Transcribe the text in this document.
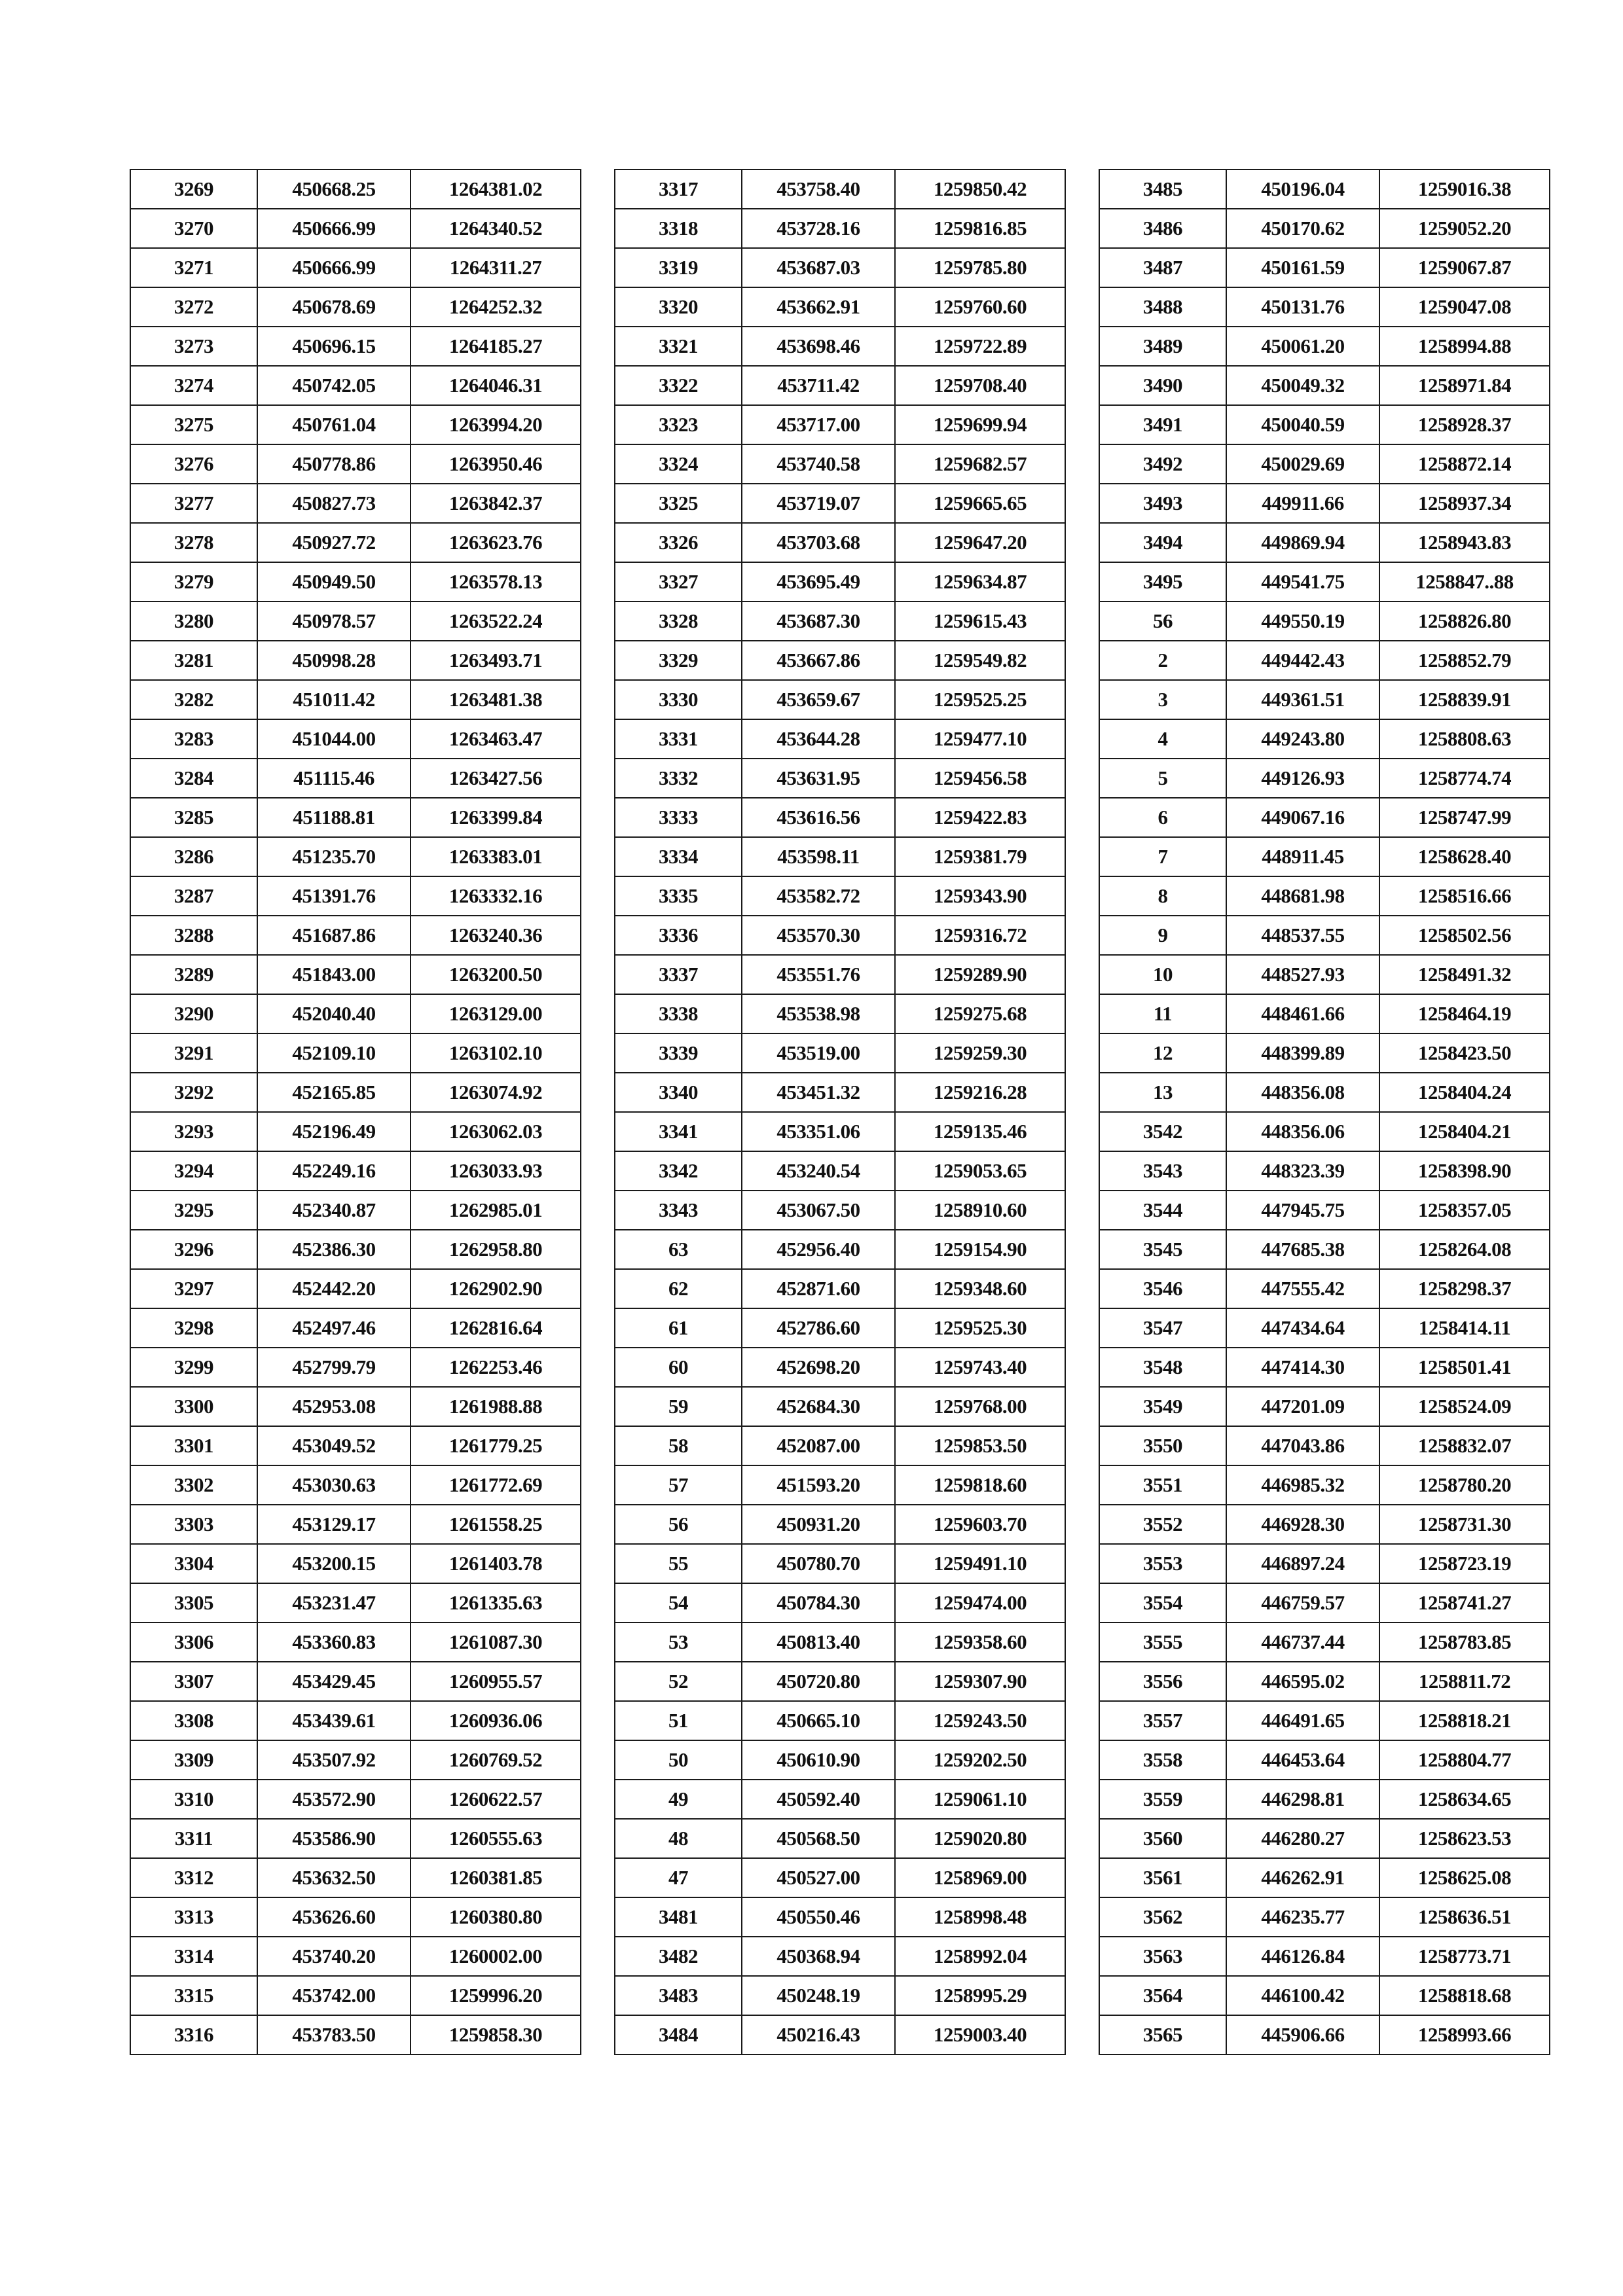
3269	450668.25	1264381.02
3270	450666.99	1264340.52
3271	450666.99	1264311.27
3272	450678.69	1264252.32
3273	450696.15	1264185.27
3274	450742.05	1264046.31
3275	450761.04	1263994.20
3276	450778.86	1263950.46
3277	450827.73	1263842.37
3278	450927.72	1263623.76
3279	450949.50	1263578.13
3280	450978.57	1263522.24
3281	450998.28	1263493.71
3282	451011.42	1263481.38
3283	451044.00	1263463.47
3284	451115.46	1263427.56
3285	451188.81	1263399.84
3286	451235.70	1263383.01
3287	451391.76	1263332.16
3288	451687.86	1263240.36
3289	451843.00	1263200.50
3290	452040.40	1263129.00
3291	452109.10	1263102.10
3292	452165.85	1263074.92
3293	452196.49	1263062.03
3294	452249.16	1263033.93
3295	452340.87	1262985.01
3296	452386.30	1262958.80
3297	452442.20	1262902.90
3298	452497.46	1262816.64
3299	452799.79	1262253.46
3300	452953.08	1261988.88
3301	453049.52	1261779.25
3302	453030.63	1261772.69
3303	453129.17	1261558.25
3304	453200.15	1261403.78
3305	453231.47	1261335.63
3306	453360.83	1261087.30
3307	453429.45	1260955.57
3308	453439.61	1260936.06
3309	453507.92	1260769.52
3310	453572.90	1260622.57
3311	453586.90	1260555.63
3312	453632.50	1260381.85
3313	453626.60	1260380.80
3314	453740.20	1260002.00
3315	453742.00	1259996.20
3316	453783.50	1259858.30
3317	453758.40	1259850.42
3318	453728.16	1259816.85
3319	453687.03	1259785.80
3320	453662.91	1259760.60
3321	453698.46	1259722.89
3322	453711.42	1259708.40
3323	453717.00	1259699.94
3324	453740.58	1259682.57
3325	453719.07	1259665.65
3326	453703.68	1259647.20
3327	453695.49	1259634.87
3328	453687.30	1259615.43
3329	453667.86	1259549.82
3330	453659.67	1259525.25
3331	453644.28	1259477.10
3332	453631.95	1259456.58
3333	453616.56	1259422.83
3334	453598.11	1259381.79
3335	453582.72	1259343.90
3336	453570.30	1259316.72
3337	453551.76	1259289.90
3338	453538.98	1259275.68
3339	453519.00	1259259.30
3340	453451.32	1259216.28
3341	453351.06	1259135.46
3342	453240.54	1259053.65
3343	453067.50	1258910.60
63	452956.40	1259154.90
62	452871.60	1259348.60
61	452786.60	1259525.30
60	452698.20	1259743.40
59	452684.30	1259768.00
58	452087.00	1259853.50
57	451593.20	1259818.60
56	450931.20	1259603.70
55	450780.70	1259491.10
54	450784.30	1259474.00
53	450813.40	1259358.60
52	450720.80	1259307.90
51	450665.10	1259243.50
50	450610.90	1259202.50
49	450592.40	1259061.10
48	450568.50	1259020.80
47	450527.00	1258969.00
3481	450550.46	1258998.48
3482	450368.94	1258992.04
3483	450248.19	1258995.29
3484	450216.43	1259003.40
3485	450196.04	1259016.38
3486	450170.62	1259052.20
3487	450161.59	1259067.87
3488	450131.76	1259047.08
3489	450061.20	1258994.88
3490	450049.32	1258971.84
3491	450040.59	1258928.37
3492	450029.69	1258872.14
3493	449911.66	1258937.34
3494	449869.94	1258943.83
3495	449541.75	1258847..88
56	449550.19	1258826.80
2	449442.43	1258852.79
3	449361.51	1258839.91
4	449243.80	1258808.63
5	449126.93	1258774.74
6	449067.16	1258747.99
7	448911.45	1258628.40
8	448681.98	1258516.66
9	448537.55	1258502.56
10	448527.93	1258491.32
11	448461.66	1258464.19
12	448399.89	1258423.50
13	448356.08	1258404.24
3542	448356.06	1258404.21
3543	448323.39	1258398.90
3544	447945.75	1258357.05
3545	447685.38	1258264.08
3546	447555.42	1258298.37
3547	447434.64	1258414.11
3548	447414.30	1258501.41
3549	447201.09	1258524.09
3550	447043.86	1258832.07
3551	446985.32	1258780.20
3552	446928.30	1258731.30
3553	446897.24	1258723.19
3554	446759.57	1258741.27
3555	446737.44	1258783.85
3556	446595.02	1258811.72
3557	446491.65	1258818.21
3558	446453.64	1258804.77
3559	446298.81	1258634.65
3560	446280.27	1258623.53
3561	446262.91	1258625.08
3562	446235.77	1258636.51
3563	446126.84	1258773.71
3564	446100.42	1258818.68
3565	445906.66	1258993.66
